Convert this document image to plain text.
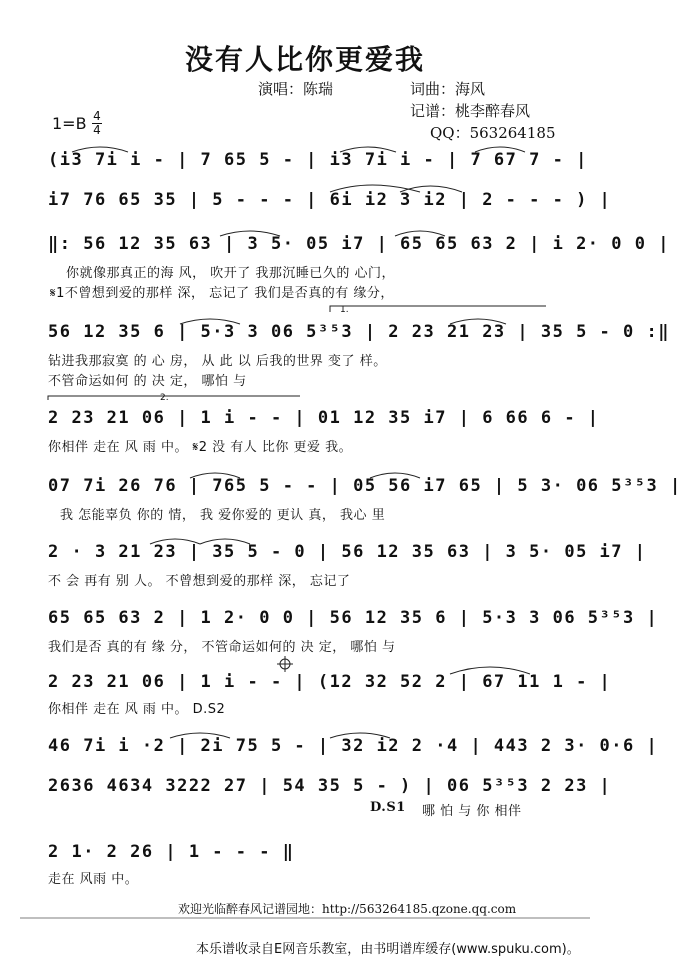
没有人比你更爱我
演唱：陈瑞	词曲：海风
记谱：桃李醉春风
QQ：563264185
1=B 4
4
(i3 7i i - | 7 65 5 - | i3 7i i - | 7 67 7 - |
i7 76 65 35 | 5 - - - | 6i i2 3 i2 | 2 - - - ) |
‖: 56 12 35 63 | 3 5· 05 i7 | 65 65 63 2 | i 2· 0 0 |
你就像那真正的海 风， 吹开了 我那沉睡已久的 心门，
𝄋1不曾想到爱的那样 深， 忘记了 我们是否真的有 缘分，
1.
56 12 35 6 | 5·3 3 06 5³⁵3 | 2 23 21 23 | 35 5 - 0 :‖
钻进我那寂寞 的 心 房， 从 此 以 后我的世界 变了 样。
不管命运如何 的 决 定， 哪怕 与
2.
2 23 21 06 | 1 i - - | 01 12 35 i7 | 6 66 6 - |
你相伴 走在 风 雨 中。 𝄋2 没 有人 比你 更爱 我。
07 7i 26 76 | 765 5 - - | 05 56 i7 65 | 5 3· 06 5³⁵3 |
我 怎能辜负 你的 情， 我 爱你爱的 更认 真， 我心 里
2 · 3 21 23 | 35 5 - 0 | 56 12 35 63 | 3 5· 05 i7 |
不 会 再有 别 人。 不曾想到爱的那样 深， 忘记了
65 65 63 2 | 1 2· 0 0 | 56 12 35 6 | 5·3 3 06 5³⁵3 |
我们是否 真的有 缘 分， 不管命运如何的 决 定， 哪怕 与
2 23 21 06 | 1 i - - | (12 32 52 2 | 67 11 1 - |
你相伴 走在 风 雨 中。 D.S2
46 7i i ·2 | 2i 75 5 - | 32 i2 2 ·4 | 443 2 3· 0·6 |
2636 4634 3222 27 | 54 35 5 - ) | 06 5³⁵3 2 23 |
D.S1 哪 怕 与 你 相伴
2 1· 2 26 | 1 - - - ‖
走在 风雨 中。
欢迎光临醉春风记谱园地：http://563264185.qzone.qq.com
本乐谱收录自E网音乐教室，由书明谱库缓存(www.spuku.com)。
